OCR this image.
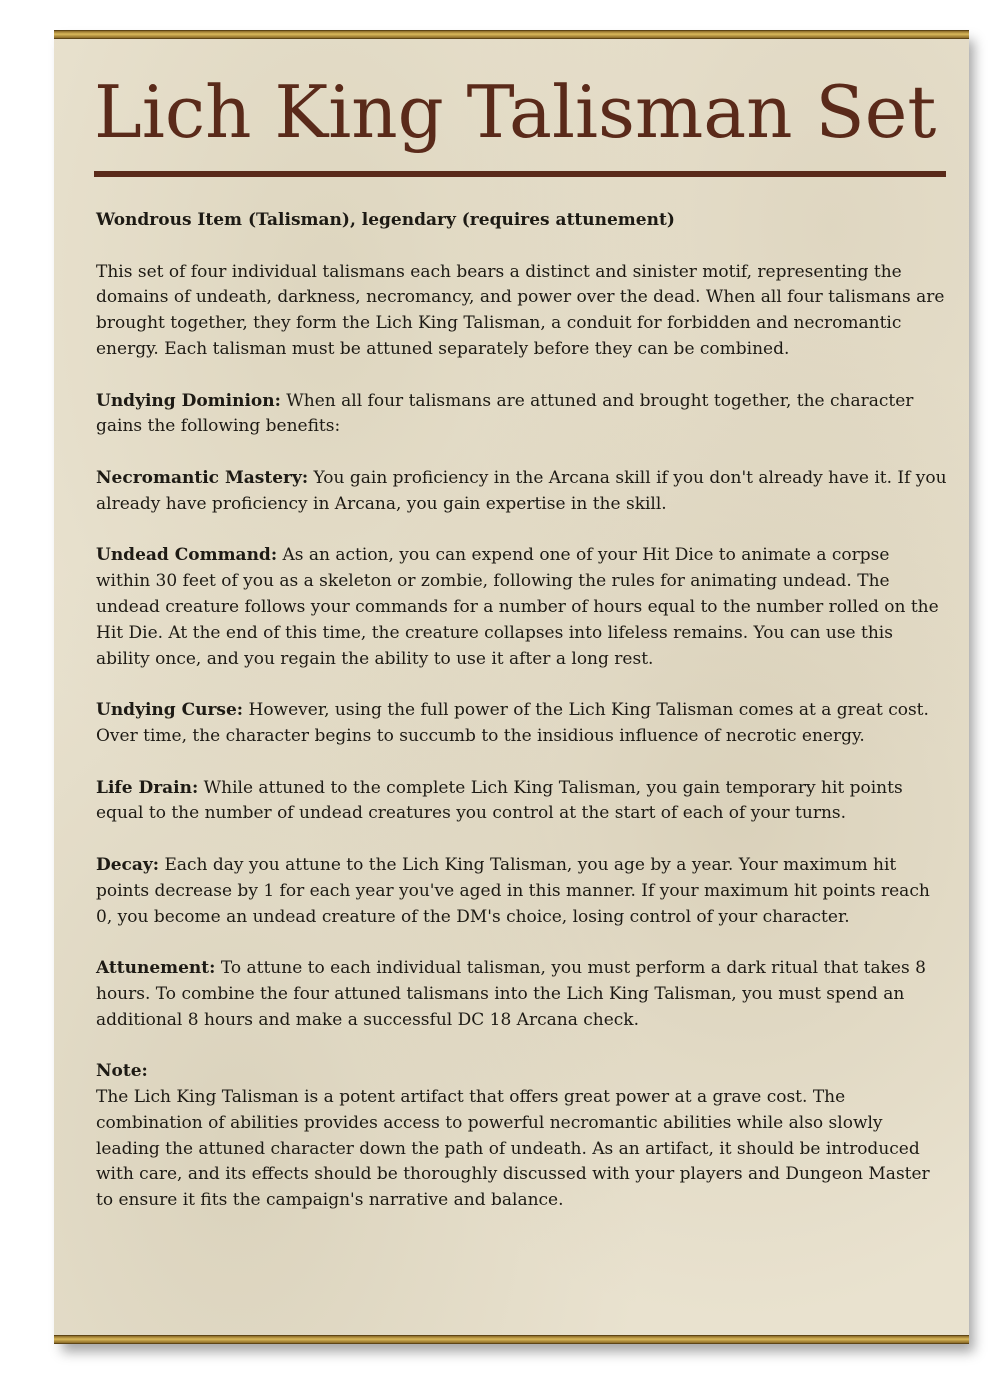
Lich King Talisman Set

Wondrous Item (Talisman), legendary (requires attunement)

This set of four individual talismans each bears a distinct and sinister motif, representing the domains of undeath, darkness, necromancy, and power over the dead. When all four talismans are brought together, they form the Lich King Talisman, a conduit for forbidden and necromantic energy. Each talisman must be attuned separately before they can be combined.

Undying Dominion: When all four talismans are attuned and brought together, the character gains the following benefits:

Necromantic Mastery: You gain proficiency in the Arcana skill if you don't already have it. If you already have proficiency in Arcana, you gain expertise in the skill.

Undead Command: As an action, you can expend one of your Hit Dice to animate a corpse within 30 feet of you as a skeleton or zombie, following the rules for animating undead. The undead creature follows your commands for a number of hours equal to the number rolled on the Hit Die. At the end of this time, the creature collapses into lifeless remains. You can use this ability once, and you regain the ability to use it after a long rest.

Undying Curse: However, using the full power of the Lich King Talisman comes at a great cost. Over time, the character begins to succumb to the insidious influence of necrotic energy.

Life Drain: While attuned to the complete Lich King Talisman, you gain temporary hit points equal to the number of undead creatures you control at the start of each of your turns.

Decay: Each day you attune to the Lich King Talisman, you age by a year. Your maximum hit points decrease by 1 for each year you've aged in this manner. If your maximum hit points reach 0, you become an undead creature of the DM's choice, losing control of your character.

Attunement: To attune to each individual talisman, you must perform a dark ritual that takes 8 hours. To combine the four attuned talismans into the Lich King Talisman, you must spend an additional 8 hours and make a successful DC 18 Arcana check.

Note:
The Lich King Talisman is a potent artifact that offers great power at a grave cost. The combination of abilities provides access to powerful necromantic abilities while also slowly leading the attuned character down the path of undeath. As an artifact, it should be introduced with care, and its effects should be thoroughly discussed with your players and Dungeon Master to ensure it fits the campaign's narrative and balance.
